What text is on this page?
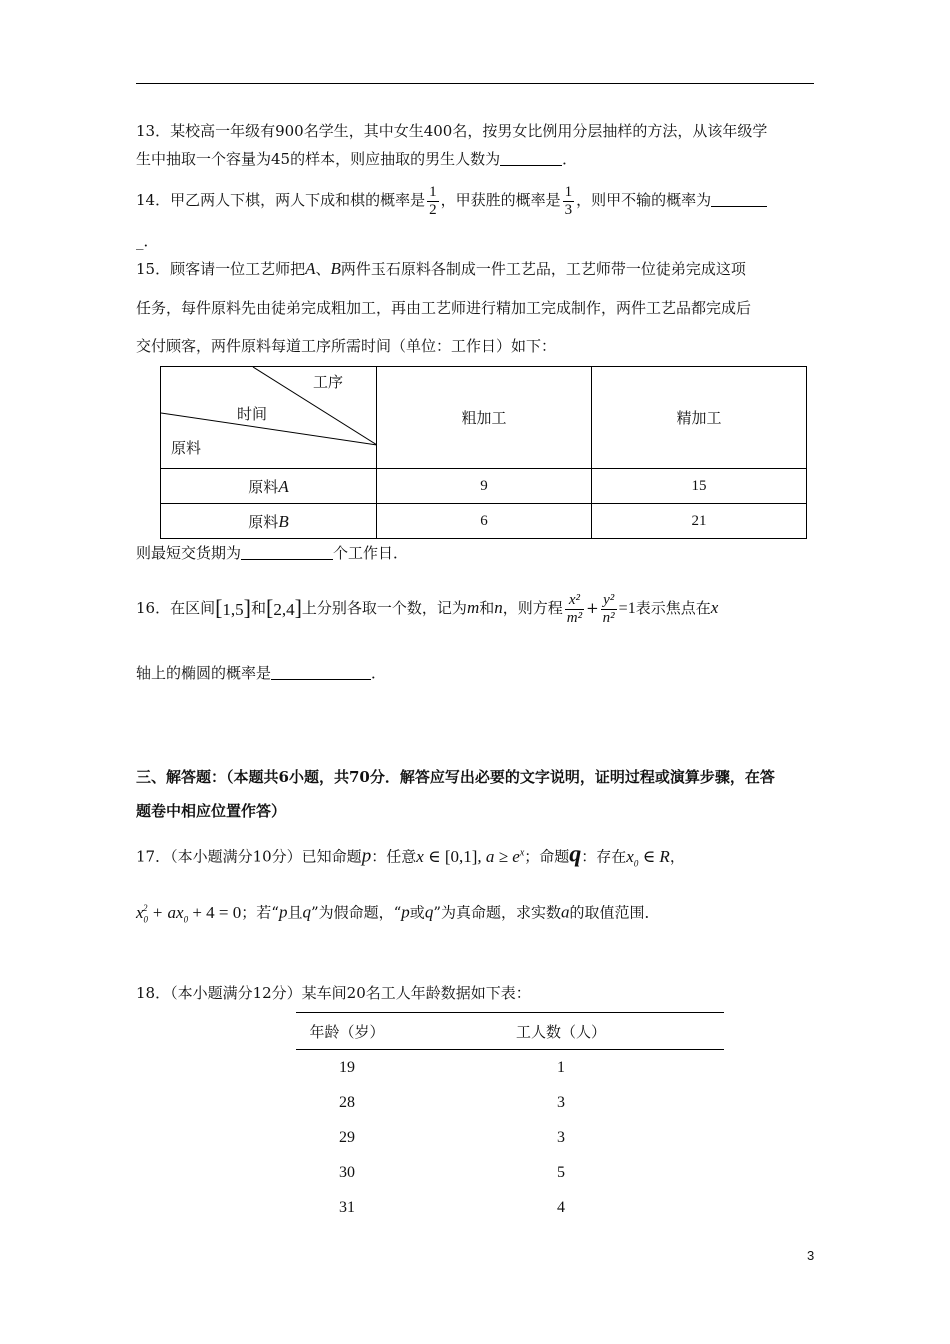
13．某校高一年级有900名学生，其中女生400名，按男女比例用分层抽样的方法，从该年级学
生中抽取一个容量为45的样本，则应抽取的男生人数为	．
14．甲乙两人下棋，两人下成和棋的概率是 $\frac{1}{2}$ ，甲获胜的概率是 $\frac{1}{3}$ ，则甲不输的概率为
_．
15．顾客请一位工艺师把A、B两件玉石原料各制成一件工艺品，工艺师带一位徒弟完成这项
任务，每件原料先由徒弟完成粗加工，再由工艺师进行精加工完成制作，两件工艺品都完成后
交付顾客，两件原料每道工序所需时间（单位：工作日）如下：
工序
时间
原料	粗加工	精加工
原料A	9	15
原料B	6	21
则最短交货期为	个工作日．
16．在区间[1,5]和[2,4]上分别各取一个数，记为m和n，则方程 $\frac{\text{x²}}{\text{m²}} + \frac{\text{y²}}{\text{n²}} =1$表示焦点在x
轴上的椭圆的概率是	．
三、解答题：（本题共6小题，共70分．解答应写出必要的文字说明，证明过程或演算步骤，在答
题卷中相应位置作答）
17．（本小题满分10分）已知命题p：任意x ∈ [0,1], $a \ge e^x$；命题q：存在$x_0$ ∈ R，
$x_0^2 + ax_0 + 4 = 0$；若“p且q”为假命题，“p或q”为真命题，求实数a的取值范围．
18．（本小题满分12分）某车间20名工人年龄数据如下表：
年龄（岁）	工人数（人）
19	1
28	3
29	3
30	5
31	4
3
